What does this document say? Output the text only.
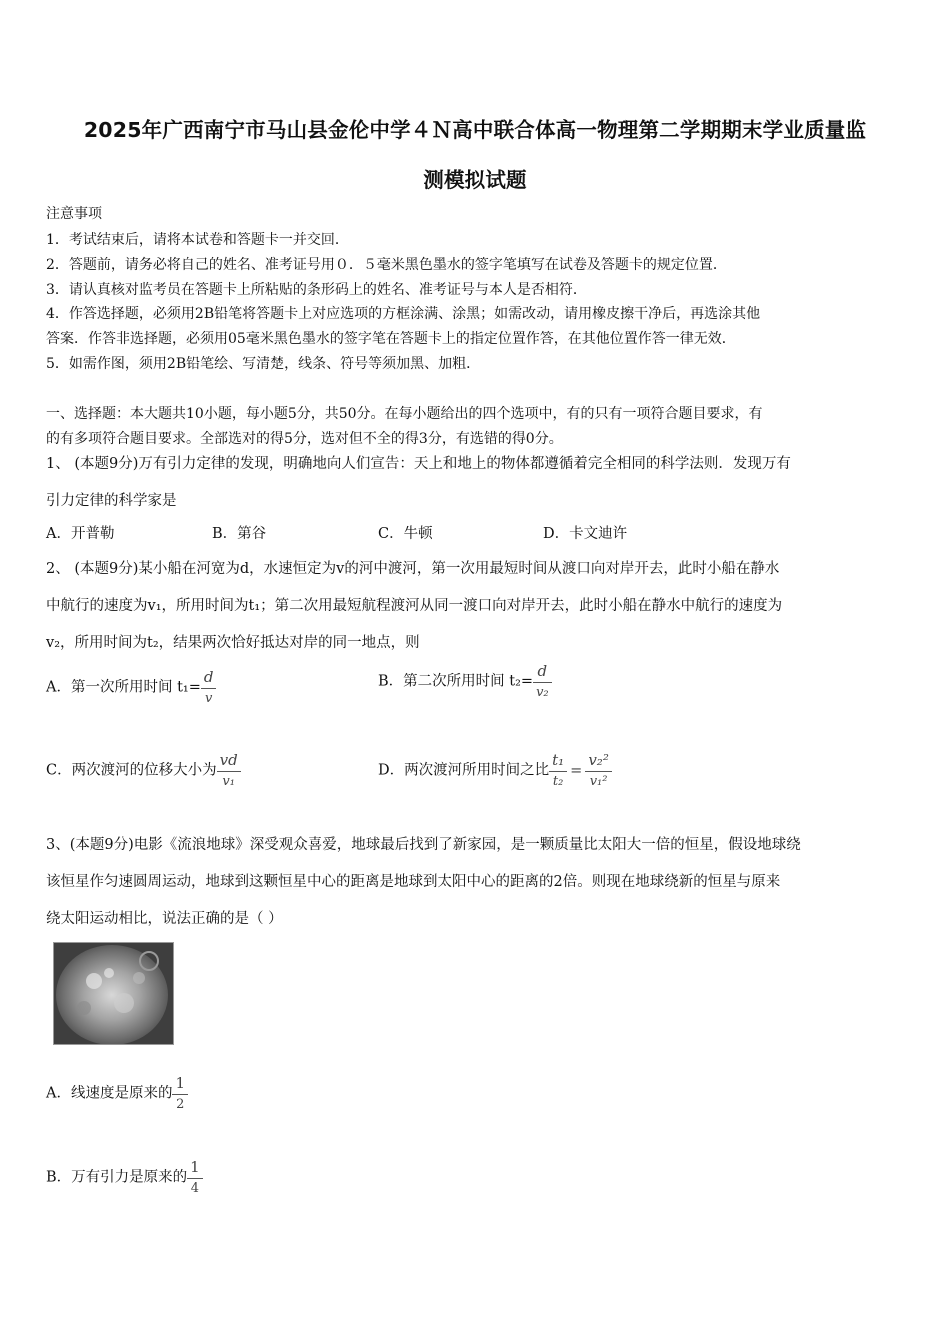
2025年广西南宁市马山县金伦中学４Ｎ高中联合体高一物理第二学期期末学业质量监
测模拟试题
注意事项
1．考试结束后，请将本试卷和答题卡一并交回．
2．答题前，请务必将自己的姓名、准考证号用０．５毫米黑色墨水的签字笔填写在试卷及答题卡的规定位置．
3．请认真核对监考员在答题卡上所粘贴的条形码上的姓名、准考证号与本人是否相符．
4．作答选择题，必须用2B铅笔将答题卡上对应选项的方框涂满、涂黑；如需改动，请用橡皮擦干净后，再选涂其他
答案．作答非选择题，必须用05毫米黑色墨水的签字笔在答题卡上的指定位置作答，在其他位置作答一律无效．
5．如需作图，须用2B铅笔绘、写清楚，线条、符号等须加黑、加粗．
一、选择题：本大题共10小题，每小题5分，共50分。在每小题给出的四个选项中，有的只有一项符合题目要求，有
的有多项符合题目要求。全部选对的得5分，选对但不全的得3分，有选错的得0分。
1、 (本题9分)万有引力定律的发现，明确地向人们宣告：天上和地上的物体都遵循着完全相同的科学法则．发现万有
引力定律的科学家是
A．开普勒	B．第谷	C．牛顿	D．卡文迪许
2、 (本题9分)某小船在河宽为d，水速恒定为v的河中渡河，第一次用最短时间从渡口向对岸开去，此时小船在静水
中航行的速度为v₁，所用时间为t₁；第二次用最短航程渡河从同一渡口向对岸开去，此时小船在静水中航行的速度为
v₂，所用时间为t₂，结果两次恰好抵达对岸的同一地点，则
A．第一次所用时间 $t_1= \frac{d}{v}$	B．第二次所用时间 $t_2= \frac{d}{\text{v₂}}$
C．两次渡河的位移大小为 $\frac{vd}{\text{v₁}}$	D．两次渡河所用时间之比 $\frac{\text{t₁}}{\text{t₂}} = \frac{\text{v₂²}}{\text{v₁²}}$
3、(本题9分)电影《流浪地球》深受观众喜爱，地球最后找到了新家园，是一颗质量比太阳大一倍的恒星，假设地球绕
该恒星作匀速圆周运动，地球到这颗恒星中心的距离是地球到太阳中心的距离的2倍。则现在地球绕新的恒星与原来
绕太阳运动相比，说法正确的是（ ）
A．线速度是原来的 $\frac{1}{2}$
B．万有引力是原来的 $\frac{1}{4}$
